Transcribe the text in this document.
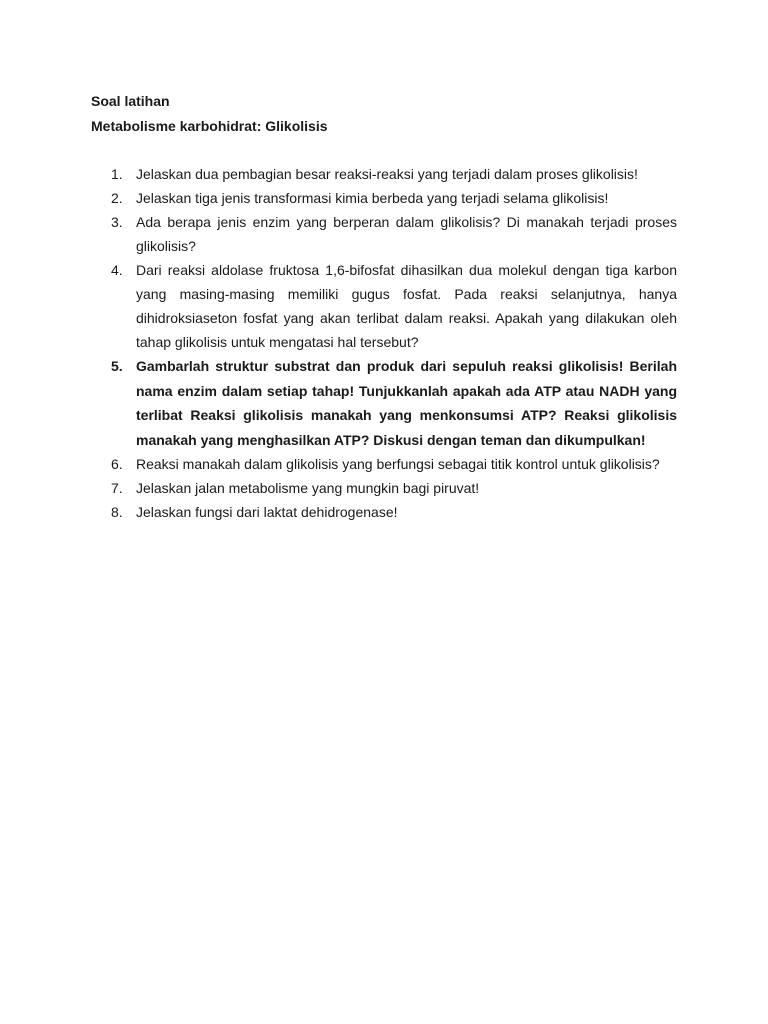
Soal latihan

Metabolisme karbohidrat: Glikolisis

1. Jelaskan dua pembagian besar reaksi-reaksi yang terjadi dalam proses glikolisis!
2. Jelaskan tiga jenis transformasi kimia berbeda yang terjadi selama glikolisis!
3. Ada berapa jenis enzim yang berperan dalam glikolisis? Di manakah terjadi proses glikolisis?
4. Dari reaksi aldolase fruktosa 1,6-bifosfat dihasilkan dua molekul dengan tiga karbon yang masing-masing memiliki gugus fosfat. Pada reaksi selanjutnya, hanya dihidroksiaseton fosfat yang akan terlibat dalam reaksi. Apakah yang dilakukan oleh tahap glikolisis untuk mengatasi hal tersebut?
5. Gambarlah struktur substrat dan produk dari sepuluh reaksi glikolisis! Berilah nama enzim dalam setiap tahap! Tunjukkanlah apakah ada ATP atau NADH yang terlibat Reaksi glikolisis manakah yang menkonsumsi ATP? Reaksi glikolisis manakah yang menghasilkan ATP? Diskusi dengan teman dan dikumpulkan!
6. Reaksi manakah dalam glikolisis yang berfungsi sebagai titik kontrol untuk glikolisis?
7. Jelaskan jalan metabolisme yang mungkin bagi piruvat!
8. Jelaskan fungsi dari laktat dehidrogenase!
